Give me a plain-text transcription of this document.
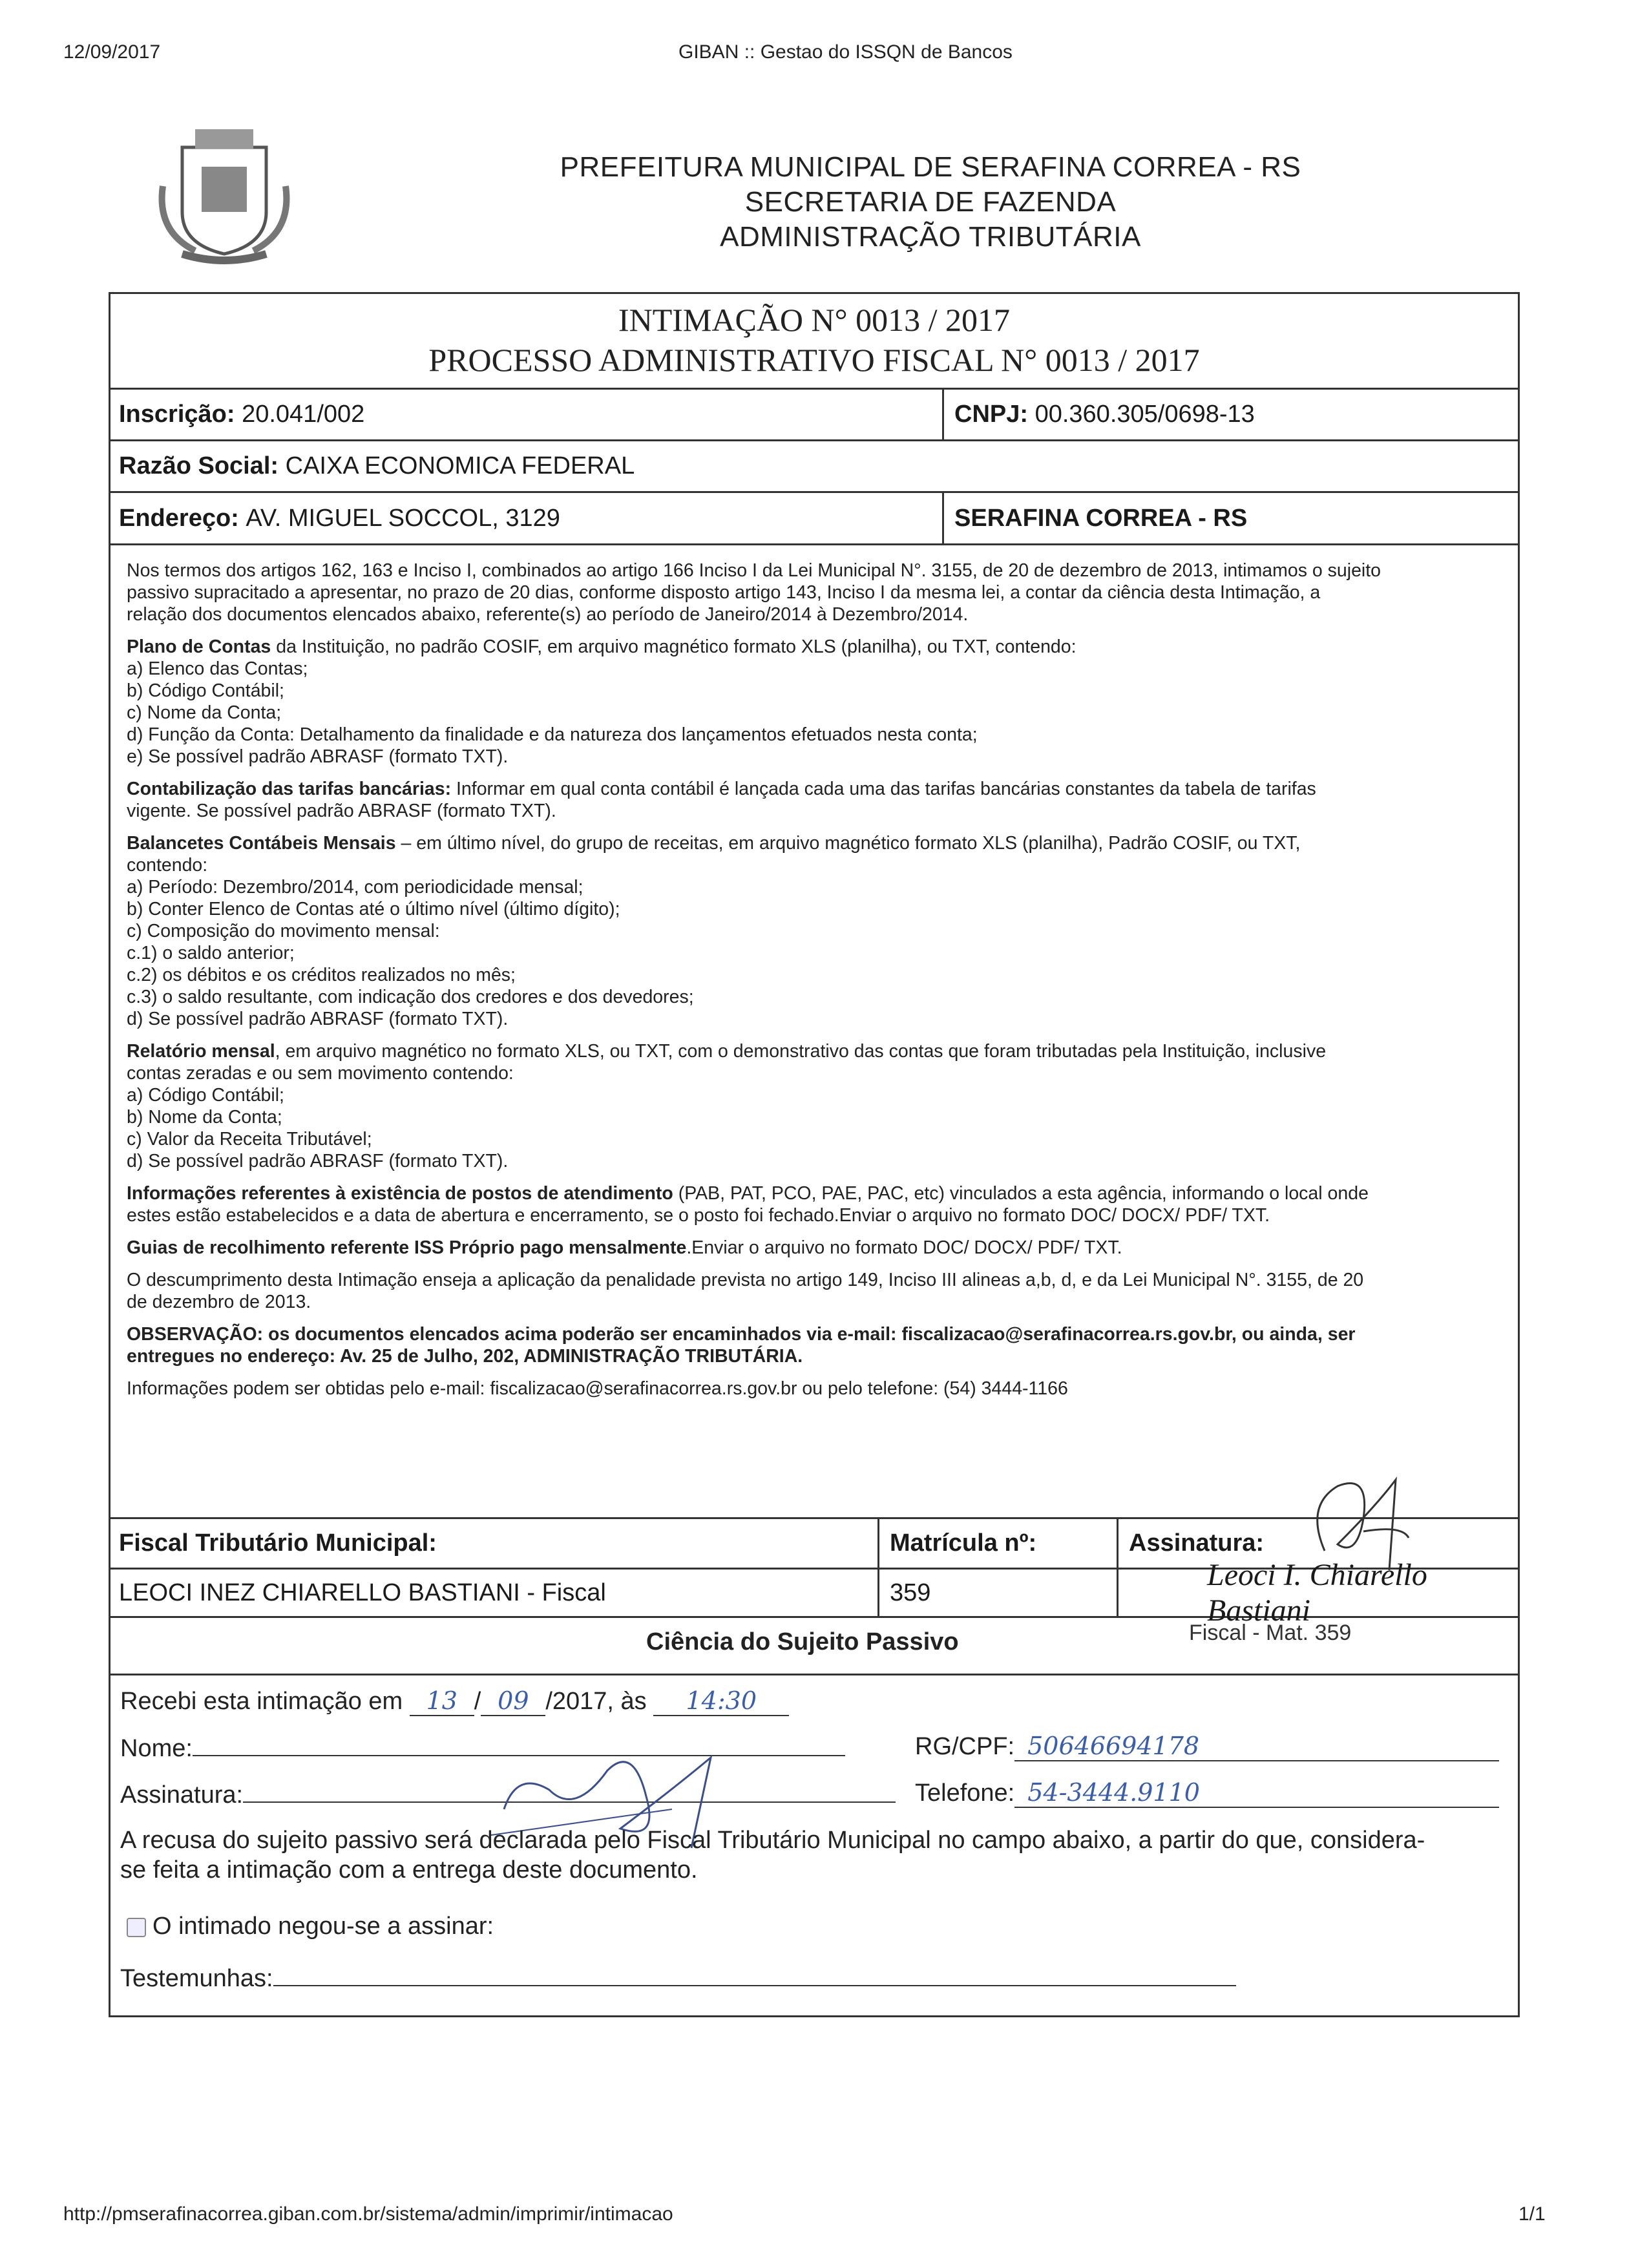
12/09/2017	GIBAN :: Gestao do ISSQN de Bancos
PREFEITURA MUNICIPAL DE SERAFINA CORREA - RS
SECRETARIA DE FAZENDA
ADMINISTRAÇÃO TRIBUTÁRIA
INTIMAÇÃO N° 0013 / 2017
PROCESSO ADMINISTRATIVO FISCAL N° 0013 / 2017
Inscrição:
20.041/002	CNPJ:
00.360.305/0698-13
Razão Social:
CAIXA ECONOMICA FEDERAL
Endereço:
AV. MIGUEL SOCCOL, 3129	SERAFINA CORREA - RS

Nos termos dos artigos 162, 163 e Inciso I, combinados ao artigo 166 Inciso I da Lei Municipal N°. 3155, de 20 de dezembro de 2013, intimamos o sujeito
passivo supracitado a apresentar, no prazo de 20 dias, conforme disposto artigo 143, Inciso I da mesma lei, a contar da ciência desta Intimação, a
relação dos documentos elencados abaixo, referente(s) ao período de Janeiro/2014 à Dezembro/2014.

Plano de Contas da Instituição, no padrão COSIF, em arquivo magnético formato XLS (planilha), ou TXT, contendo:
a) Elenco das Contas;
b) Código Contábil;
c) Nome da Conta;
d) Função da Conta: Detalhamento da finalidade e da natureza dos lançamentos efetuados nesta conta;
e) Se possível padrão ABRASF (formato TXT).

Contabilização das tarifas bancárias: Informar em qual conta contábil é lançada cada uma das tarifas bancárias constantes da tabela de tarifas
vigente. Se possível padrão ABRASF (formato TXT).

Balancetes Contábeis Mensais – em último nível, do grupo de receitas, em arquivo magnético formato XLS (planilha), Padrão COSIF, ou TXT,
contendo:
a) Período: Dezembro/2014, com periodicidade mensal;
b) Conter Elenco de Contas até o último nível (último dígito);
c) Composição do movimento mensal:
c.1) o saldo anterior;
c.2) os débitos e os créditos realizados no mês;
c.3) o saldo resultante, com indicação dos credores e dos devedores;
d) Se possível padrão ABRASF (formato TXT).

Relatório mensal, em arquivo magnético no formato XLS, ou TXT, com o demonstrativo das contas que foram tributadas pela Instituição, inclusive
contas zeradas e ou sem movimento contendo:
a) Código Contábil;
b) Nome da Conta;
c) Valor da Receita Tributável;
d) Se possível padrão ABRASF (formato TXT).

Informações referentes à existência de postos de atendimento (PAB, PAT, PCO, PAE, PAC, etc) vinculados a esta agência, informando o local onde
estes estão estabelecidos e a data de abertura e encerramento, se o posto foi fechado.Enviar o arquivo no formato DOC/ DOCX/ PDF/ TXT.

Guias de recolhimento referente ISS Próprio pago mensalmente.Enviar o arquivo no formato DOC/ DOCX/ PDF/ TXT.

O descumprimento desta Intimação enseja a aplicação da penalidade prevista no artigo 149, Inciso III alineas a,b, d, e da Lei Municipal N°. 3155, de 20
de dezembro de 2013.

OBSERVAÇÃO: os documentos elencados acima poderão ser encaminhados via e-mail: fiscalizacao@serafinacorrea.rs.gov.br, ou ainda, ser
entregues no endereço: Av. 25 de Julho, 202, ADMINISTRAÇÃO TRIBUTÁRIA.

Informações podem ser obtidas pelo e-mail: fiscalizacao@serafinacorrea.rs.gov.br ou pelo telefone: (54) 3444-1166

Fiscal Tributário Municipal:	Matrícula nº:	Assinatura:
LEOCI INEZ CHIARELLO BASTIANI - Fiscal	359
Leoci I. Chiarello Bastiani
Ciência do Sujeito Passivo	Fiscal - Mat. 359
Recebi esta intimação em 13 / 09 /2017, às 14:30
Nome:	RG/CPF: 50646694178
Assinatura:	Telefone: 54-3444.9110
A recusa do sujeito passivo será declarada pelo Fiscal Tributário Municipal no campo abaixo, a partir do que, considera-
se feita a intimação com a entrega deste documento.
O intimado negou-se a assinar:
Testemunhas:
http://pmserafinacorrea.giban.com.br/sistema/admin/imprimir/intimacao	1/1
